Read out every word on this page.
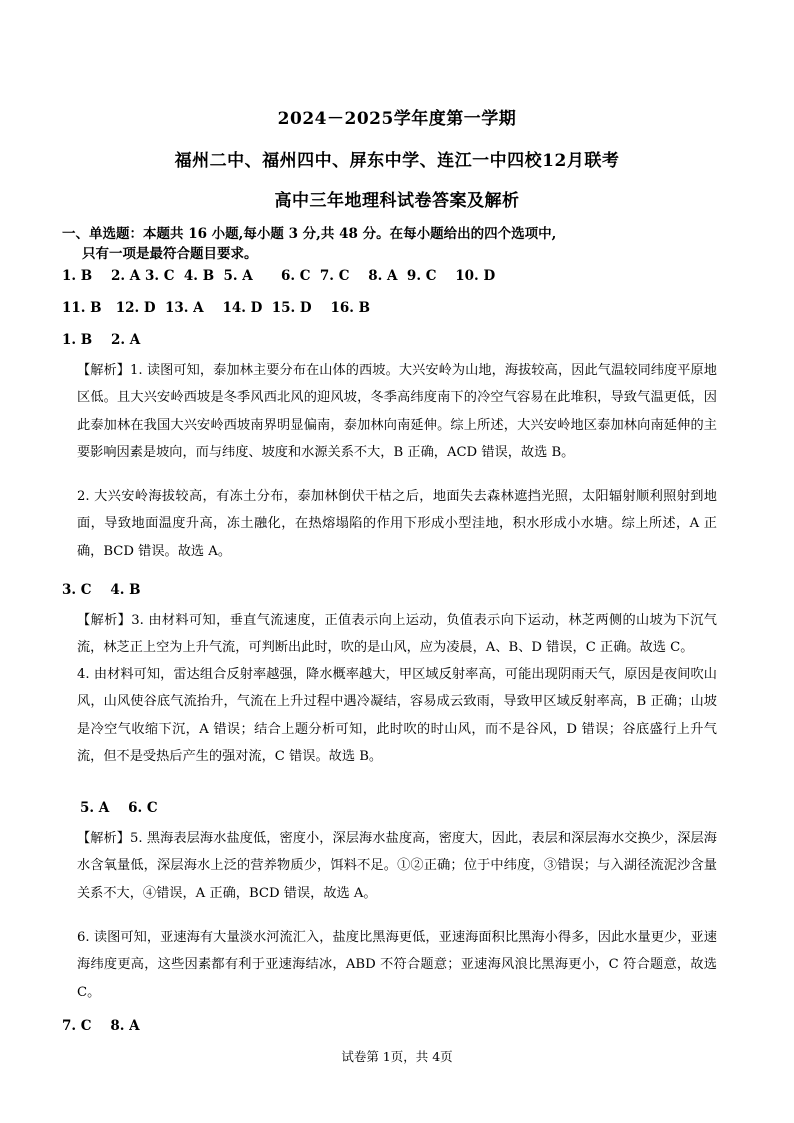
2024－2025学年度第一学期
福州二中、福州四中、屏东中学、连江一中四校12月联考
高中三年地理科试卷答案及解析
一、单选题：本题共 16 小题,每小题 3 分,共 48 分。在每小题给出的四个选项中,
只有一项是最符合题目要求。
1. B    2. A 3. C  4. B  5. A      6. C  7. C    8. A  9. C    10. D
11. B   12. D  13. A    14. D  15. D    16. B
1. B    2. A
【解析】1. 读图可知，泰加林主要分布在山体的西坡。大兴安岭为山地，海拔较高，因此气温较同纬度平原地区低。且大兴安岭西坡是冬季风西北风的迎风坡，冬季高纬度南下的冷空气容易在此堆积，导致气温更低，因此泰加林在我国大兴安岭西坡南界明显偏南，泰加林向南延伸。综上所述，大兴安岭地区泰加林向南延伸的主要影响因素是坡向，而与纬度、坡度和水源关系不大，B 正确，ACD 错误，故选 B。
2. 大兴安岭海拔较高，有冻土分布，泰加林倒伏干枯之后，地面失去森林遮挡光照，太阳辐射顺利照射到地面，导致地面温度升高，冻土融化，在热熔塌陷的作用下形成小型洼地，积水形成小水塘。综上所述，A 正确，BCD 错误。故选 A。
3. C    4. B
【解析】3. 由材料可知，垂直气流速度，正值表示向上运动，负值表示向下运动，林芝两侧的山坡为下沉气流，林芝正上空为上升气流，可判断出此时，吹的是山风，应为凌晨，A、B、D 错误，C 正确。故选 C。
4. 由材料可知，雷达组合反射率越强，降水概率越大，甲区域反射率高，可能出现阴雨天气，原因是夜间吹山风，山风使谷底气流抬升，气流在上升过程中遇冷凝结，容易成云致雨，导致甲区域反射率高，B 正确；山坡是冷空气收缩下沉，A 错误；结合上题分析可知，此时吹的时山风，而不是谷风，D 错误；谷底盛行上升气流，但不是受热后产生的强对流，C 错误。故选 B。
5. A    6. C
【解析】5. 黑海表层海水盐度低，密度小，深层海水盐度高，密度大，因此，表层和深层海水交换少，深层海水含氧量低，深层海水上泛的营养物质少，饵料不足。①②正确；位于中纬度，③错误；与入湖径流泥沙含量关系不大，④错误，A 正确，BCD 错误，故选 A。
6. 读图可知，亚速海有大量淡水河流汇入，盐度比黑海更低，亚速海面积比黑海小得多，因此水量更少，亚速海纬度更高，这些因素都有利于亚速海结冰，ABD 不符合题意；亚速海风浪比黑海更小，C 符合题意，故选 C。
7. C    8. A
试卷第 1页，共 4页
